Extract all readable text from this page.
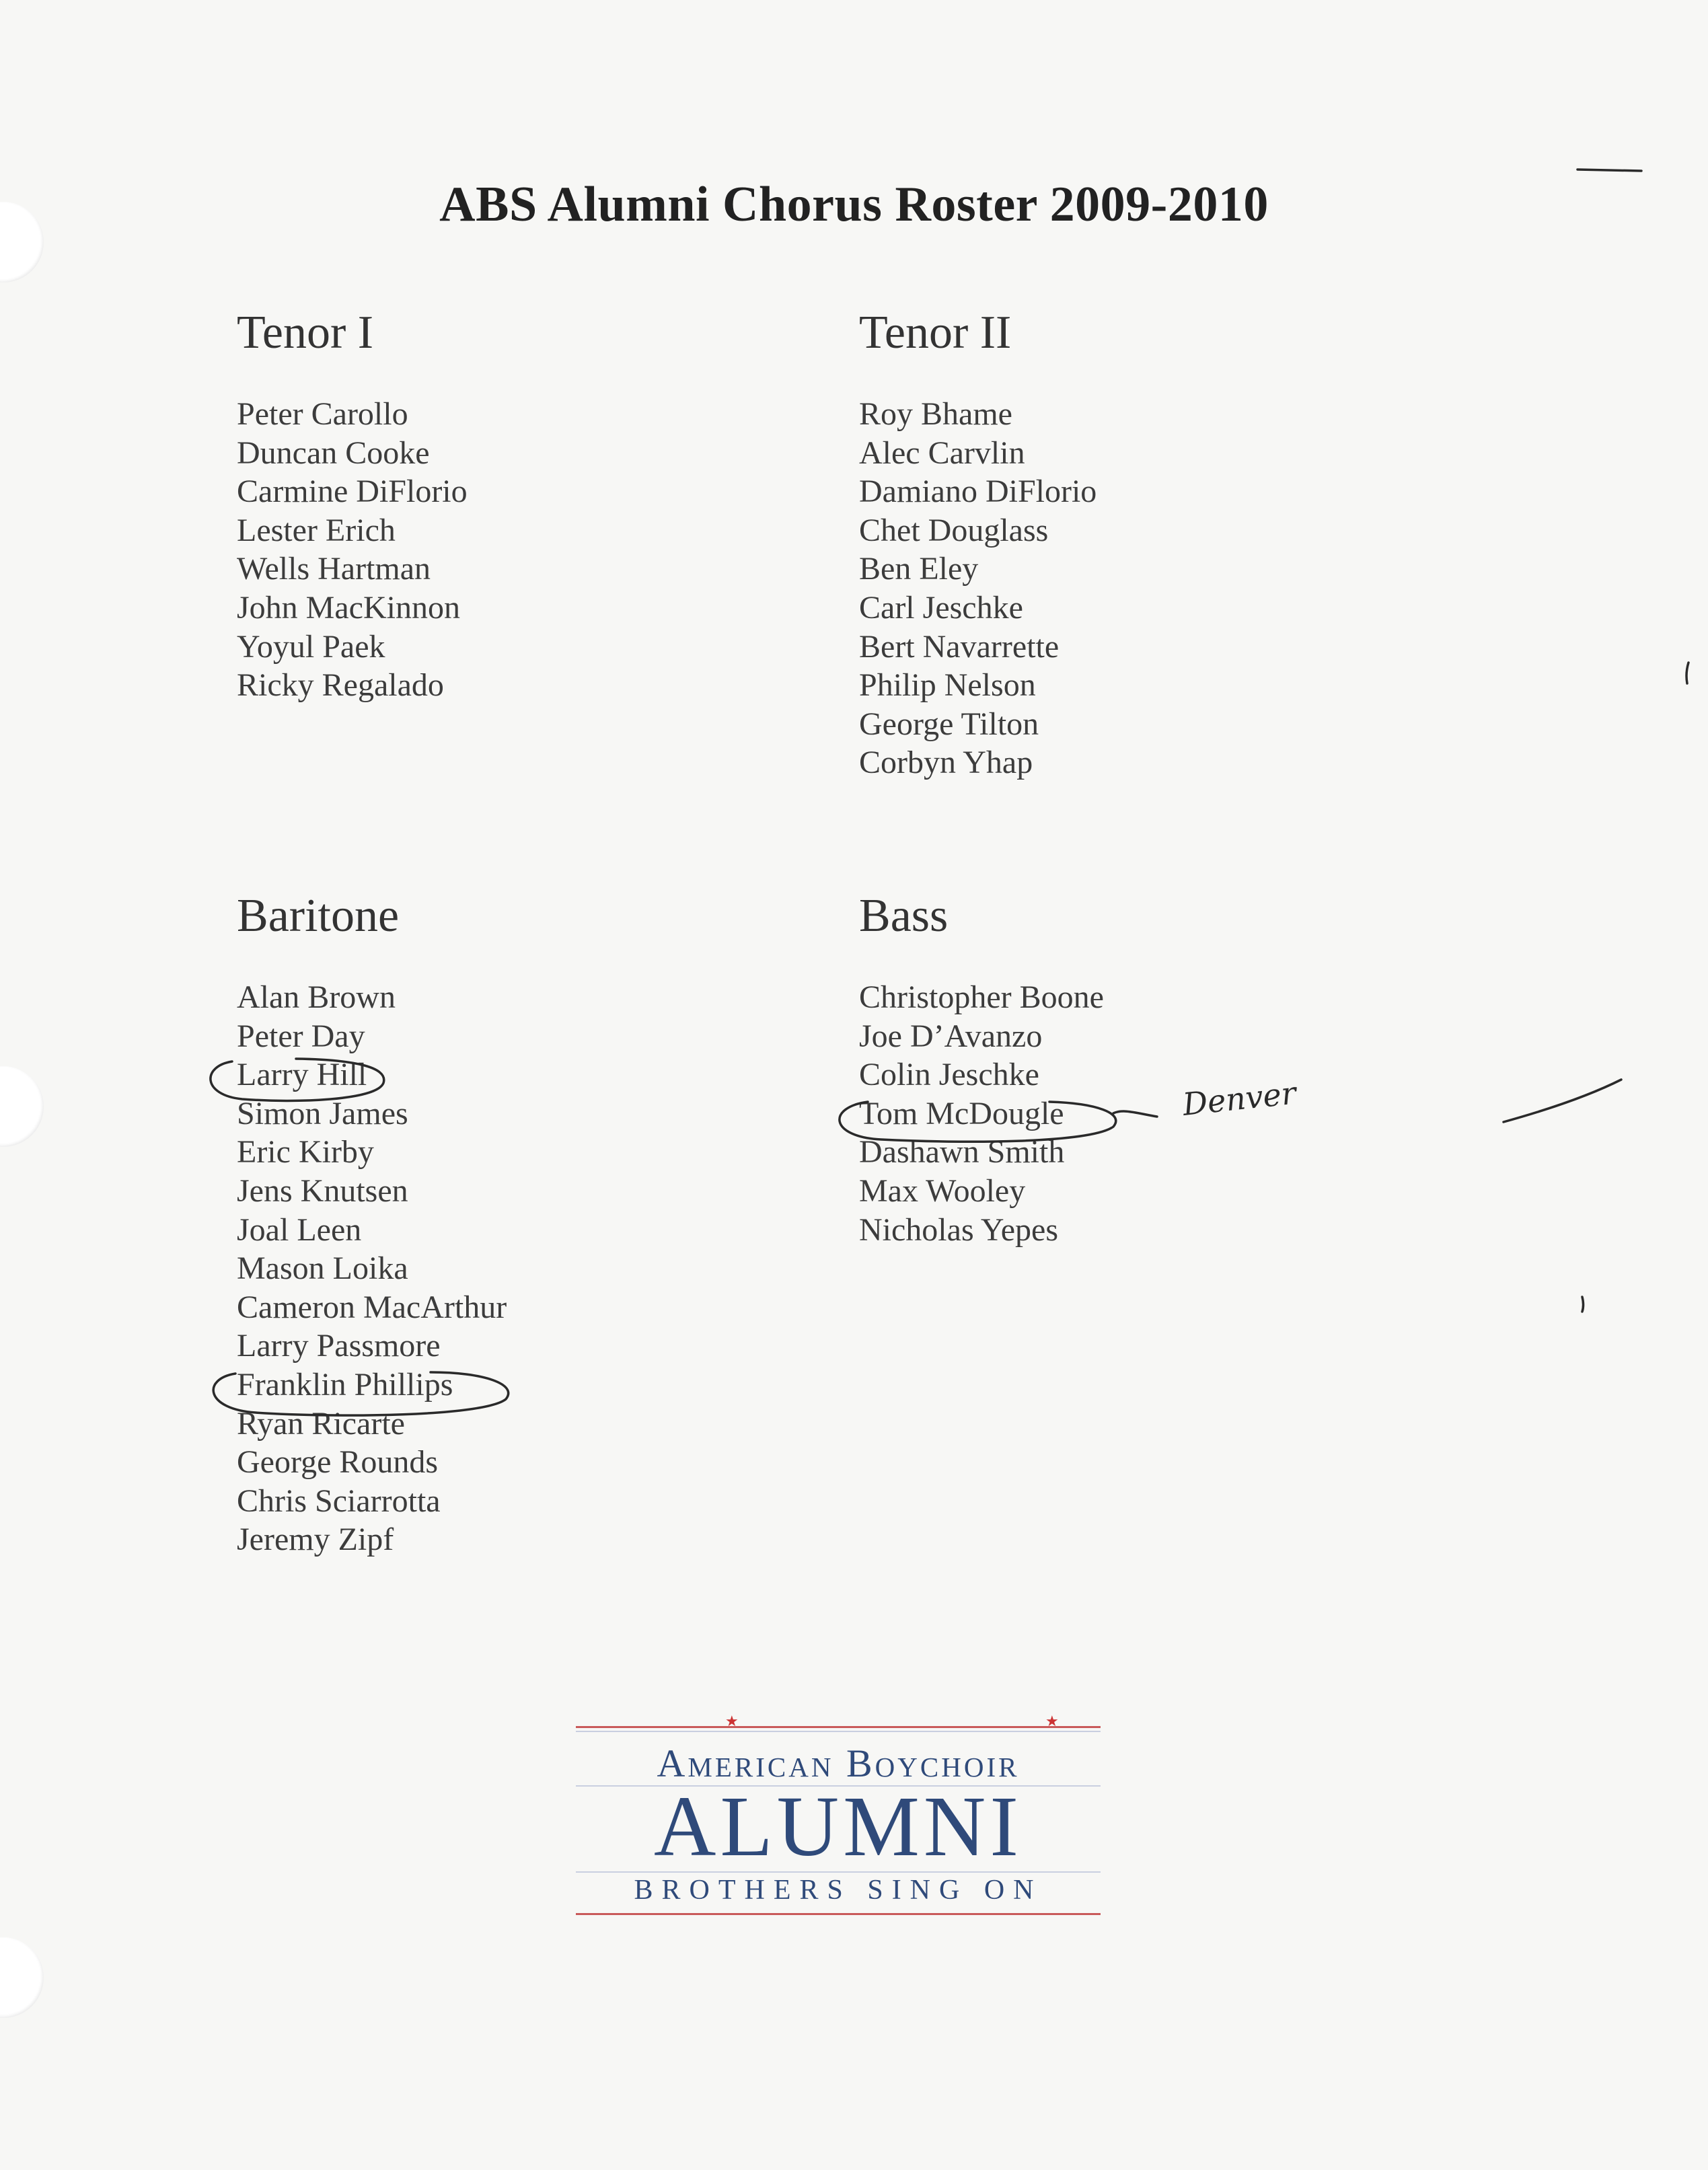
ABS Alumni Chorus Roster 2009-2010
Tenor I
Peter Carollo
Duncan Cooke
Carmine DiFlorio
Lester Erich
Wells Hartman
John MacKinnon
Yoyul Paek
Ricky Regalado
Tenor II
Roy Bhame
Alec Carvlin
Damiano DiFlorio
Chet Douglass
Ben Eley
Carl Jeschke
Bert Navarrette
Philip Nelson
George Tilton
Corbyn Yhap
Baritone
Alan Brown
Peter Day
Larry Hill
Simon James
Eric Kirby
Jens Knutsen
Joal Leen
Mason Loika
Cameron MacArthur
Larry Passmore
Franklin Phillips
Ryan Ricarte
George Rounds
Chris Sciarrotta
Jeremy Zipf
Bass
Christopher Boone
Joe D’Avanzo
Colin Jeschke
Tom McDougle
Dashawn Smith
Max Wooley
Nicholas Yepes
Denver
★	★
American Boychoir
ALUMNI
BROTHERS SING ON
